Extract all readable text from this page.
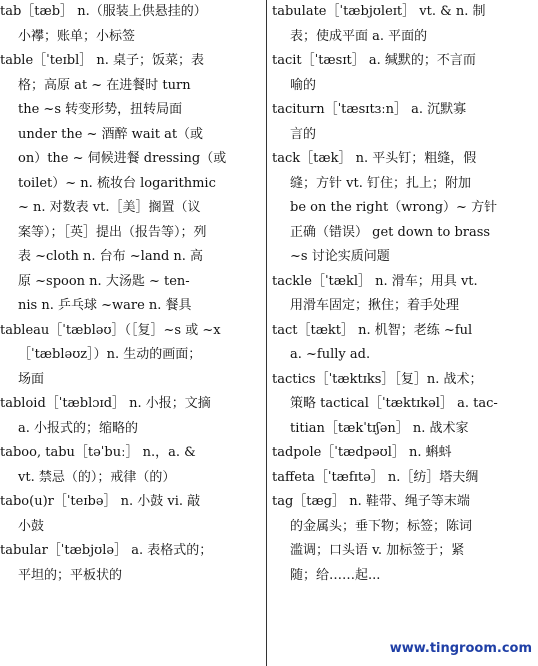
tab［tæb］ n.（服装上供悬挂的）
小襻；账单；小标签
table［ˈteɪbl］ n. 桌子；饭菜；表
格；高原 at ~ 在进餐时 turn
the ~s 转变形势，扭转局面
under the ~ 酒醉 wait at（或
on）the ~ 伺候进餐 dressing（或
toilet）~ n. 梳妆台 logarithmic
~ n. 对数表 vt.［美］搁置（议
案等）；［英］提出（报告等）；列
表 ~cloth n. 台布 ~land n. 高
原 ~spoon n. 大汤匙 ~ ten-
nis n. 乒乓球 ~ware n. 餐具
tableau［ˈtæbləʊ］（［复］~s 或 ~x
［ˈtæbləʊz］）n. 生动的画面；
场面
tabloid［ˈtæblɔɪd］ n. 小报；文摘
a. 小报式的；缩略的
taboo, tabu［təˈbuː］ n.，a. &
vt. 禁忌（的）；戒律（的）
tabo(u)r［ˈteɪbə］ n. 小鼓 vi. 敲
小鼓
tabular［ˈtæbjʊlə］ a. 表格式的；
平坦的；平板状的
tabulate［ˈtæbjʊleɪt］ vt. & n. 制
表；使成平面 a. 平面的
tacit［ˈtæsɪt］ a. 缄默的；不言而
喻的
taciturn［ˈtæsɪtɜːn］ a. 沉默寡
言的
tack［tæk］ n. 平头钉；粗缝，假
缝；方针 vt. 钉住；扎上；附加
be on the right（wrong）~ 方针
正确（错误） get down to brass
~s 讨论实质问题
tackle［ˈtækl］ n. 滑车；用具 vt.
用滑车固定；揪住；着手处理
tact［tækt］ n. 机智；老练 ~ful
a. ~fully ad.
tactics［ˈtæktɪks］［复］n. 战术；
策略 tactical［ˈtæktɪkəl］ a. tac-
titian［tækˈtɪʃən］ n. 战术家
tadpole［ˈtædpəʊl］ n. 蝌蚪
taffeta［ˈtæfɪtə］ n.［纺］塔夫绸
tag［tæg］ n. 鞋带、绳子等末端
的金属头；垂下物；标签；陈词
滥调；口头语 v. 加标签于；紧
随；给……起...
www.tingroom.com
